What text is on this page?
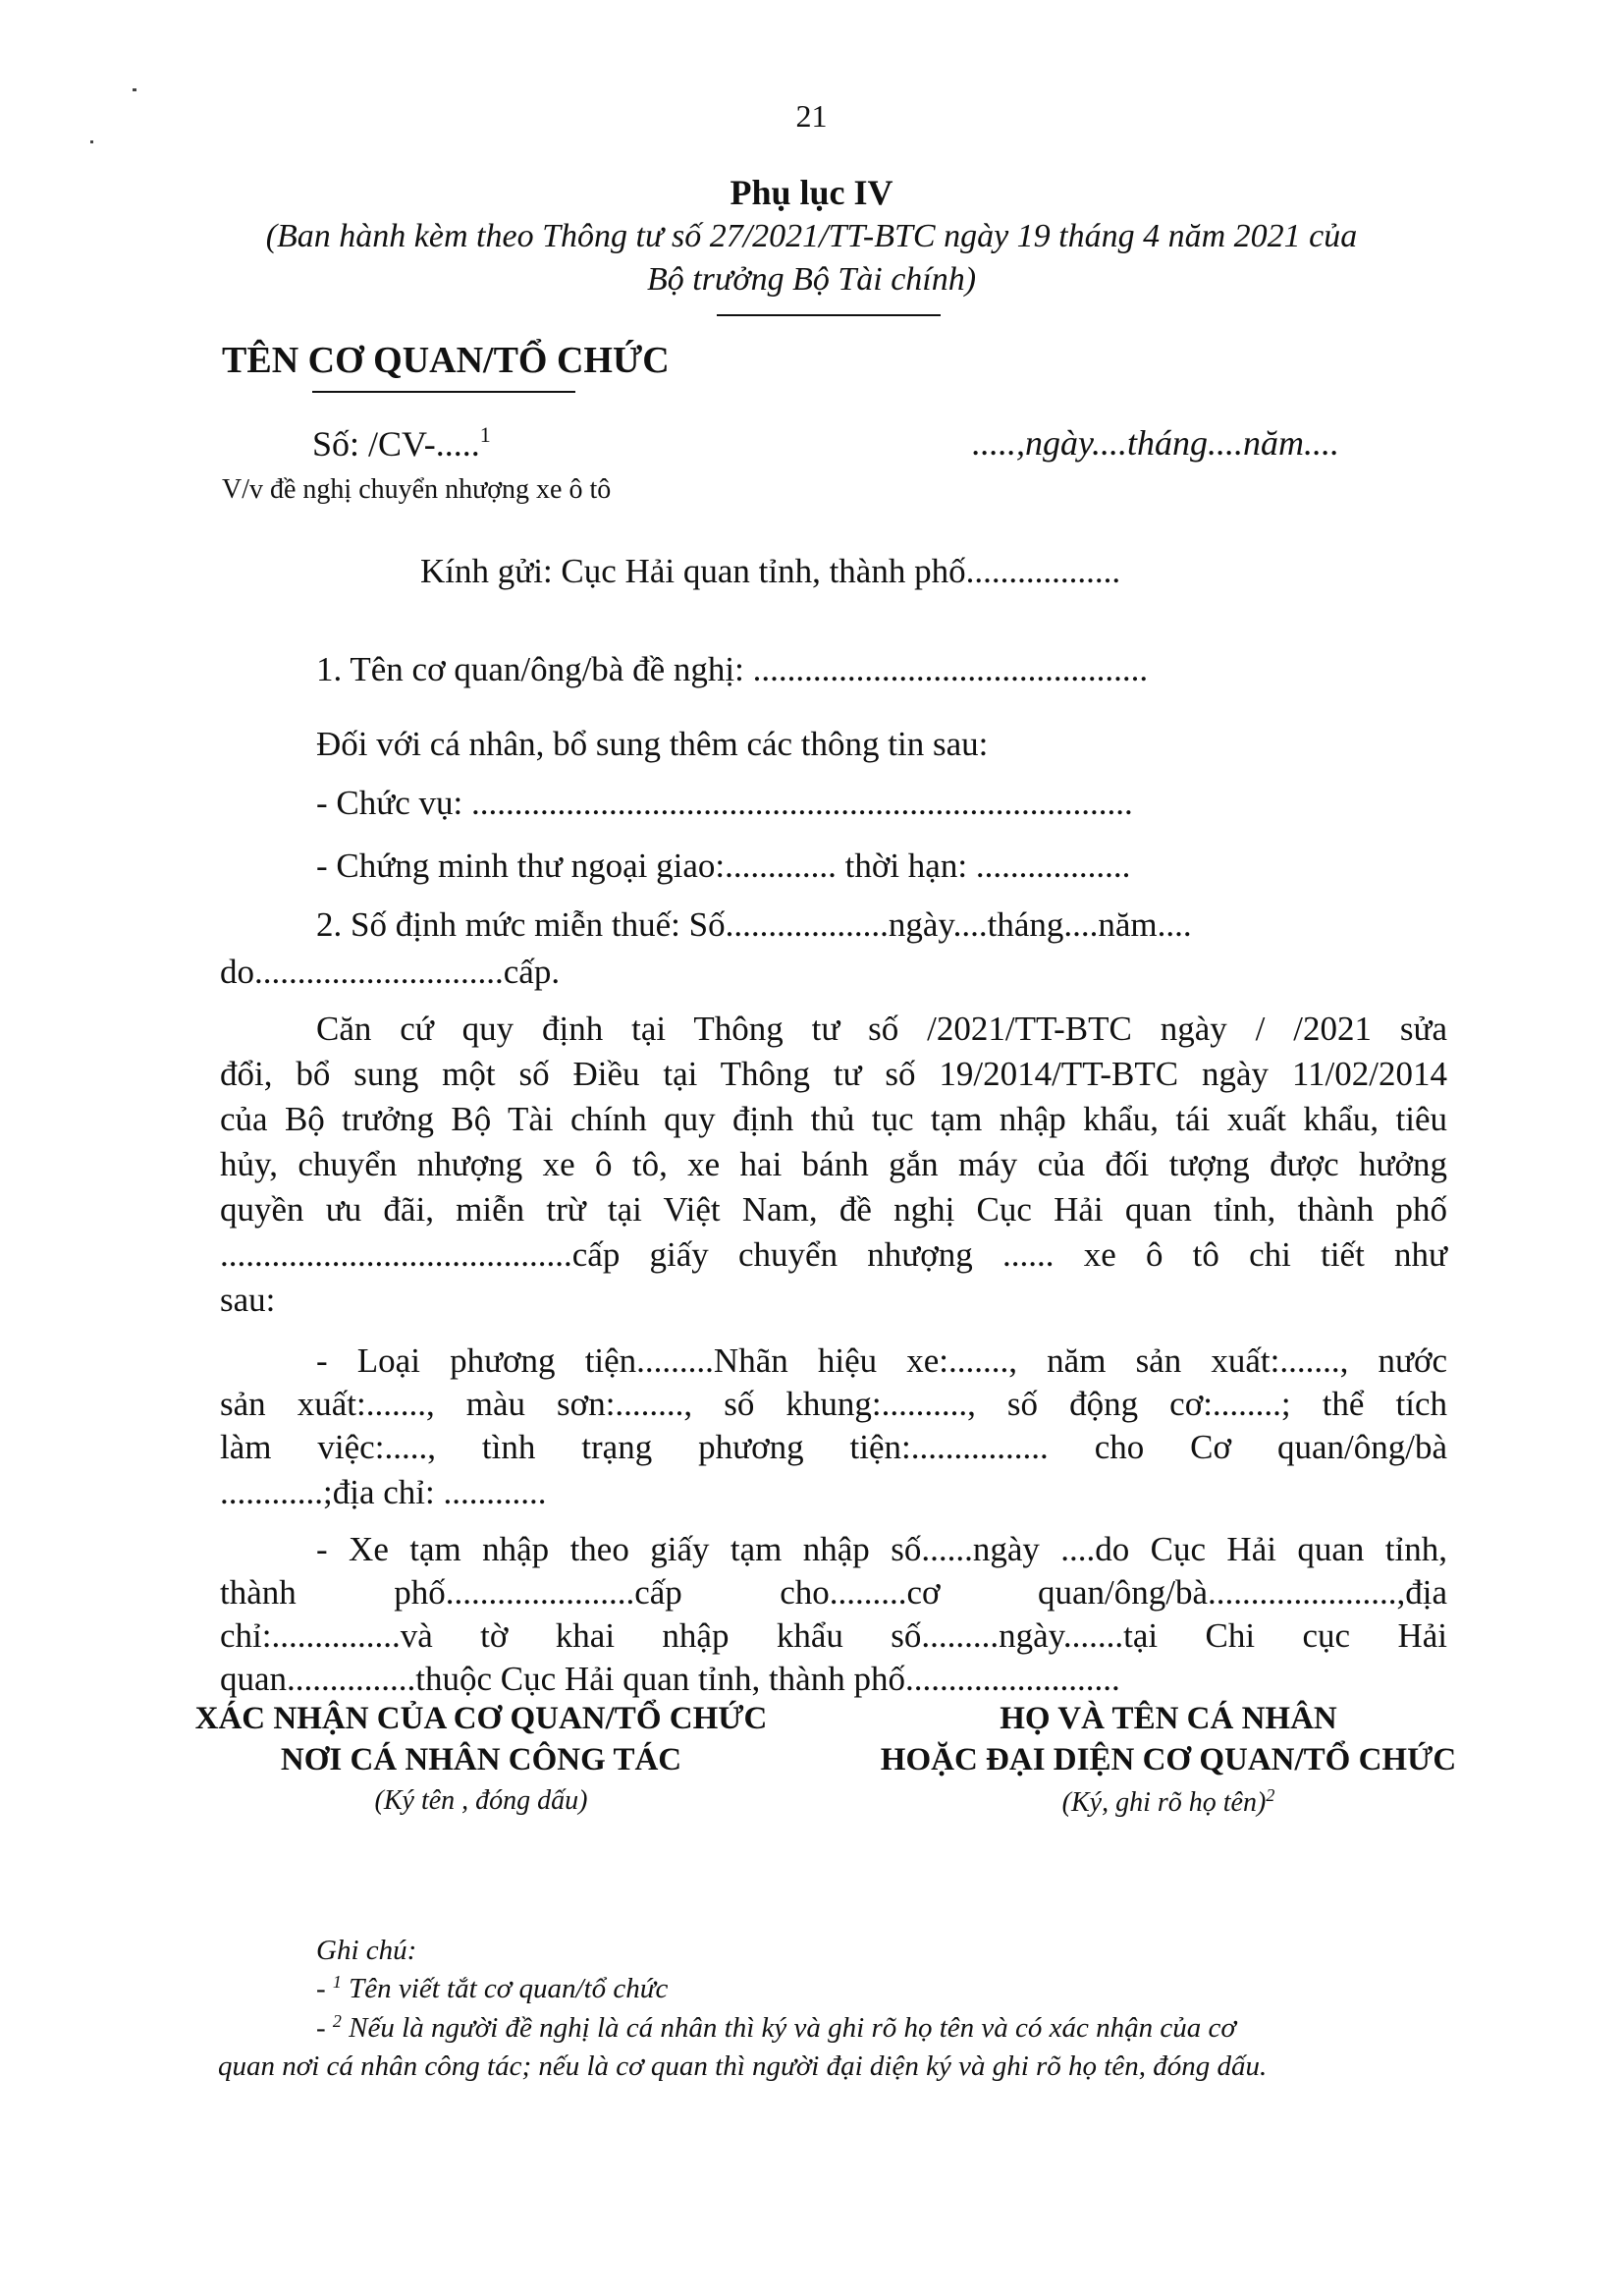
21
Phụ lục IV
(Ban hành kèm theo Thông tư số 27/2021/TT-BTC ngày 19 tháng 4 năm 2021 của
Bộ trưởng Bộ Tài chính)
TÊN CƠ QUAN/TỔ CHỨC
Số: /CV-.....$^1$	.....,ngày....tháng....năm....
V/v đề nghị chuyển nhượng xe ô tô
Kính gửi: Cục Hải quan tỉnh, thành phố..................
1. Tên cơ quan/ông/bà đề nghị: ..............................................
Đối với cá nhân, bổ sung thêm các thông tin sau:
- Chức vụ: .............................................................................
- Chứng minh thư ngoại giao:............. thời hạn: ..................
2. Số định mức miễn thuế: Số...................ngày....tháng....năm....
do.............................cấp.
Căn cứ quy định tại Thông tư số /2021/TT-BTC ngày / /2021 sửa
đổi, bổ sung một số Điều tại Thông tư số 19/2014/TT-BTC ngày 11/02/2014
của Bộ trưởng Bộ Tài chính quy định thủ tục tạm nhập khẩu, tái xuất khẩu, tiêu
hủy, chuyển nhượng xe ô tô, xe hai bánh gắn máy của đối tượng được hưởng
quyền ưu đãi, miễn trừ tại Việt Nam, đề nghị Cục Hải quan tỉnh, thành phố
.........................................cấp giấy chuyển nhượng ...... xe ô tô chi tiết như
sau:
- Loại phương tiện.........Nhãn hiệu xe:......., năm sản xuất:......., nước
sản xuất:......., màu sơn:........, số khung:.........., số động cơ:........; thể tích
làm việc:....., tình trạng phương tiện:................ cho Cơ quan/ông/bà
............;địa chỉ: ............
- Xe tạm nhập theo giấy tạm nhập số......ngày ....do Cục Hải quan tỉnh,
thành phố......................cấp cho.........cơ quan/ông/bà......................,địa
chỉ:...............và tờ khai nhập khẩu số.........ngày.......tại Chi cục Hải
quan...............thuộc Cục Hải quan tỉnh, thành phố.........................
XÁC NHẬN CỦA CƠ QUAN/TỔ CHỨC
NƠI CÁ NHÂN CÔNG TÁC
(Ký tên , đóng dấu)
HỌ VÀ TÊN CÁ NHÂN
HOẶC ĐẠI DIỆN CƠ QUAN/TỔ CHỨC
(Ký, ghi rõ họ tên)$^2$
Ghi chú:
- $^1$ Tên viết tắt cơ quan/tổ chức
- $^2$ Nếu là người đề nghị là cá nhân thì ký và ghi rõ họ tên và có xác nhận của cơ
quan nơi cá nhân công tác; nếu là cơ quan thì người đại diện ký và ghi rõ họ tên, đóng dấu.
